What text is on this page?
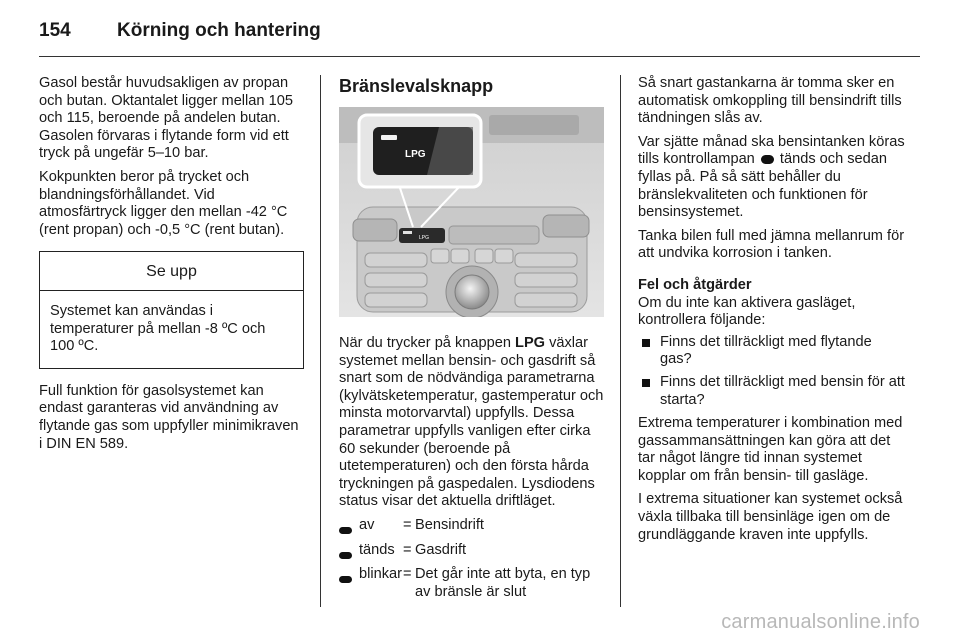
154 Körning och hantering

Gasol består huvudsakligen av propan och butan. Oktantalet ligger mellan 105 och 115, beroende på andelen butan. Gasolen förvaras i flytande form vid ett tryck på ungefär 5–10 bar.

Kokpunkten beror på trycket och blandningsförhållandet. Vid atmosfärtryck ligger den mellan -42 °C (rent propan) och -0,5 °C (rent butan).

Se upp
Systemet kan användas i temperaturer på mellan -8 ºC och 100 ºC.

Full funktion för gasolsystemet kan endast garanteras vid användning av flytande gas som uppfyller minimikraven i DIN EN 589.

Bränslevalsknapp
LPG
LPG

När du trycker på knappen LPG växlar systemet mellan bensin- och gasdrift så snart som de nödvändiga parametrarna (kylvätsketemperatur, gastemperatur och minsta motorvarvtal) uppfylls. Dessa parametrar uppfylls vanligen efter cirka 60 sekunder (beroende på utetemperaturen) och den första hårda tryckningen på gaspedalen. Lysdiodens status visar det aktuella driftläget.

av	= Bensindrift
tänds = Gasdrift
blinkar = Det går inte att byta, en typ av bränsle är slut

Så snart gastankarna är tomma sker en automatisk omkoppling till bensindrift tills tändningen slås av.

Var sjätte månad ska bensintanken köras tills kontrollampan  tänds och sedan fyllas på. På så sätt behåller du bränslekvaliteten och funktionen för bensinsystemet.

Tanka bilen full med jämna mellanrum för att undvika korrosion i tanken.

Fel och åtgärder
Om du inte kan aktivera gasläget, kontrollera följande:
Finns det tillräckligt med flytande gas?
Finns det tillräckligt med bensin för att starta?

Extrema temperaturer i kombination med gassammansättningen kan göra att det tar något längre tid innan systemet kopplar om från bensin- till gasläge.

I extrema situationer kan systemet också växla tillbaka till bensinläge igen om de grundläggande kraven inte uppfylls.

carmanualsonline.info
